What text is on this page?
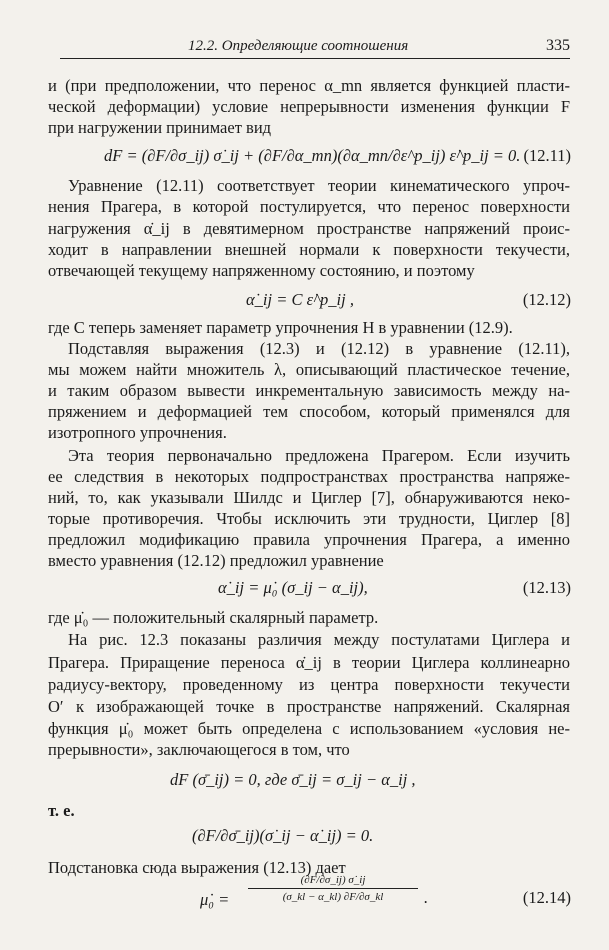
12.2. Определяющие соотношения	335
и (при предположении, что перенос α_mn является функцией пласти-
ческой деформации) условие непрерывности изменения функции F
при нагружении принимает вид
dF = (∂F/∂σ_ij) σ̇_ij + (∂F/∂α_mn)(∂α_mn/∂ε^p_ij) ε̇^p_ij = 0. (12.11)
Уравнение (12.11) соответствует теории кинематического упроч-
нения Прагера, в которой постулируется, что перенос поверхности
нагружения α̇_ij в девятимерном пространстве напряжений проис-
ходит в направлении внешней нормали к поверхности текучести,
отвечающей текущему напряженному состоянию, и поэтому
α̇_ij = C ε̇^p_ij ,	(12.12)
где C теперь заменяет параметр упрочнения H в уравнении (12.9).
Подставляя выражения (12.3) и (12.12) в уравнение (12.11),
мы можем найти множитель λ, описывающий пластическое течение,
и таким образом вывести инкрементальную зависимость между на-
пряжением и деформацией тем способом, который применялся для
изотропного упрочнения.
Эта теория первоначально предложена Прагером. Если изучить
ее следствия в некоторых подпространствах пространства напряже-
ний, то, как указывали Шилдс и Циглер [7], обнаруживаются неко-
торые противоречия. Чтобы исключить эти трудности, Циглер [8]
предложил модификацию правила упрочнения Прагера, а именно
вместо уравнения (12.12) предложил уравнение
α̇_ij = μ̇₀ (σ_ij − α_ij),	(12.13)
где μ̇₀ — положительный скалярный параметр.
На рис. 12.3 показаны различия между постулатами Циглера и
Прагера. Приращение переноса α̇_ij в теории Циглера коллинеарно
радиусу-вектору, проведенному из центра поверхности текучести
O′ к изображающей точке в пространстве напряжений. Скалярная
функция μ̇₀ может быть определена с использованием «условия не-
прерывности», заключающегося в том, что
dF (σ̄_ij) = 0, где σ̄_ij = σ_ij − α_ij ,
т. е.
(∂F/∂σ̄_ij)(σ̇_ij − α̇_ij) = 0.
Подстановка сюда выражения (12.13) дает
μ̇₀ =
(∂F/∂σ_ij) σ̇_ij
(σ_kl − α_kl) ∂F/∂σ_kl	.	(12.14)
